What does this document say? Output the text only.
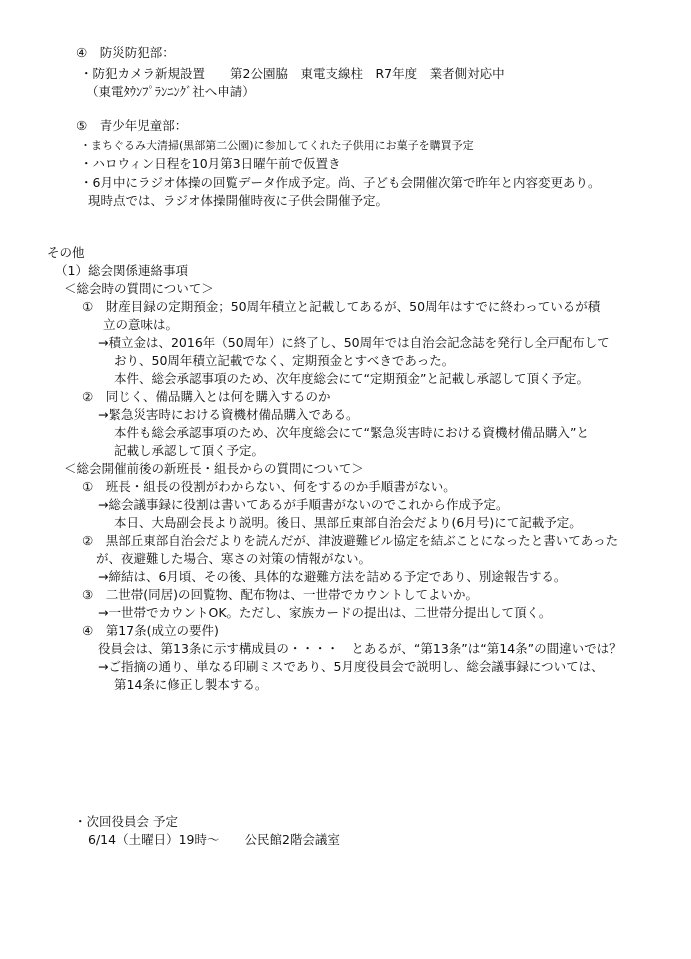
④　防災防犯部：
・防犯カメラ新規設置　　第2公園脇　東電支線柱　R7年度　業者側対応中
（東電ﾀｳﾝﾌﾟﾗﾝﾆﾝｸﾞ社へ申請）
⑤　青少年児童部：
・まちぐるみ大清掃(黒部第二公園)に参加してくれた子供用にお菓子を購買予定
・ハロウィン日程を10月第3日曜午前で仮置き
・6月中にラジオ体操の回覧データ作成予定。尚、子ども会開催次第で昨年と内容変更あり。
現時点では、ラジオ体操開催時夜に子供会開催予定。
その他
（1）総会関係連絡事項
＜総会時の質問について＞
①　財産目録の定期預金；50周年積立と記載してあるが、50周年はすでに終わっているが積
立の意味は。
→積立金は、2016年（50周年）に終了し、50周年では自治会記念誌を発行し全戸配布して
おり、50周年積立記載でなく、定期預金とすべきであった。
本件、総会承認事項のため、次年度総会にて“定期預金”と記載し承認して頂く予定。
②　同じく、備品購入とは何を購入するのか
→緊急災害時における資機材備品購入である。
本件も総会承認事項のため、次年度総会にて“緊急災害時における資機材備品購入”と
記載し承認して頂く予定。
＜総会開催前後の新班長・組長からの質問について＞
①　班長・組長の役割がわからない、何をするのか手順書がない。
→総会議事録に役割は書いてあるが手順書がないのでこれから作成予定。
本日、大島副会長より説明。後日、黒部丘東部自治会だより(6月号)にて記載予定。
②　黒部丘東部自治会だよりを読んだが、津波避難ビル協定を結ぶことになったと書いてあった
が、夜避難した場合、寒さの対策の情報がない。
→締結は、6月頃、その後、具体的な避難方法を詰める予定であり、別途報告する。
③　二世帯(同居)の回覧物、配布物は、一世帯でカウントしてよいか。
→一世帯でカウントOK。ただし、家族カードの提出は、二世帯分提出して頂く。
④　第17条(成立の要件)
役員会は、第13条に示す構成員の・・・・　とあるが、“第13条”は“第14条”の間違いでは？
→ご指摘の通り、単なる印刷ミスであり、5月度役員会で説明し、総会議事録については、
第14条に修正し製本する。
・次回役員会 予定
6/14（土曜日）19時～　　公民館2階会議室
